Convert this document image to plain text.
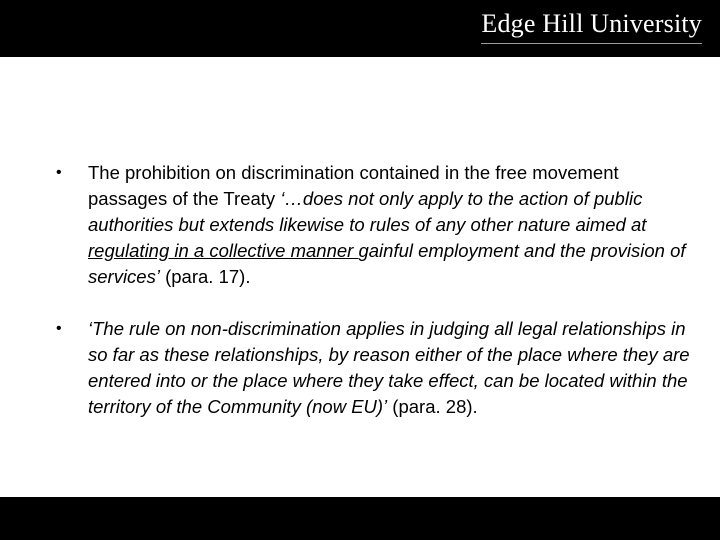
Edge Hill University
• The prohibition on discrimination contained in the free movement passages of the Treaty ‘…does not only apply to the action of public authorities but extends likewise to rules of any other nature aimed at regulating in a collective manner gainful employment and the provision of services’ (para. 17).
• ‘The rule on non-discrimination applies in judging all legal relationships in so far as these relationships, by reason either of the place where they are entered into or the place where they take effect, can be located within the territory of the Community (now EU)’ (para. 28).
